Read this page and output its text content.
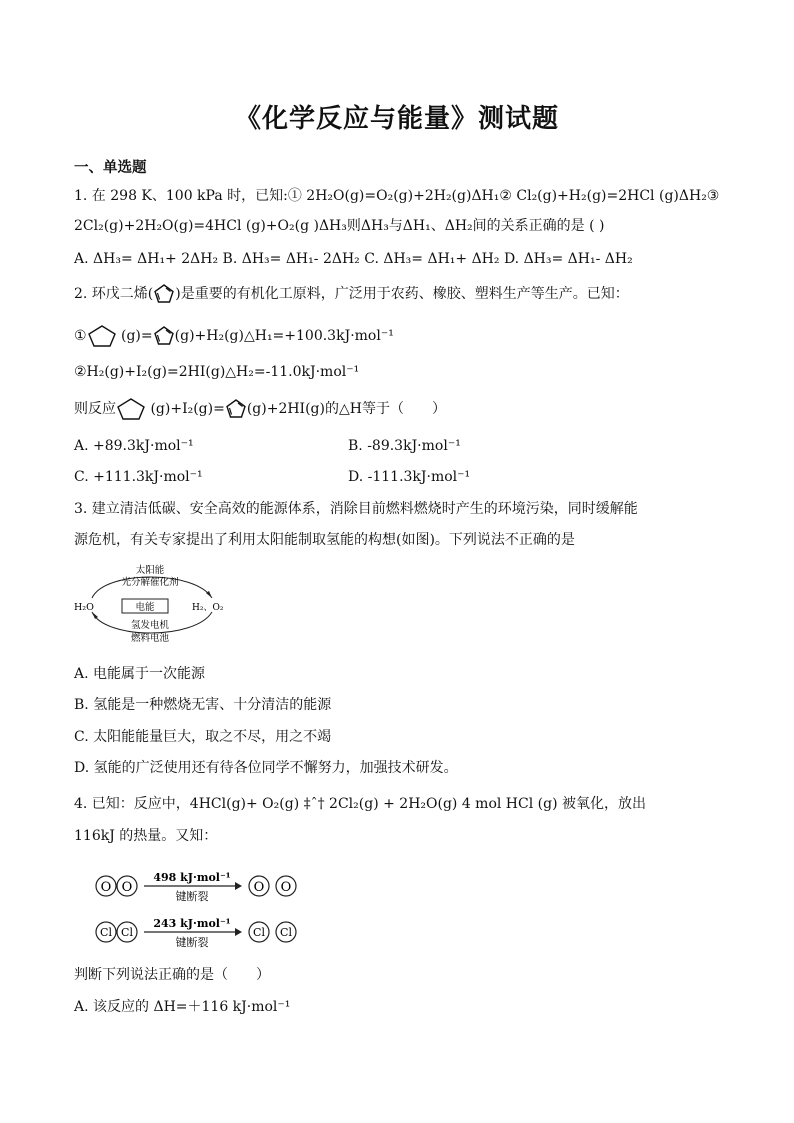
《化学反应与能量》测试题
一、单选题
1. 在 298 K、100 kPa 时，已知:① 2H₂O(g)=O₂(g)+2H₂(g)ΔH₁② Cl₂(g)+H₂(g)=2HCl (g)ΔH₂③
2Cl₂(g)+2H₂O(g)=4HCl (g)+O₂(g )ΔH₃则ΔH₃与ΔH₁、ΔH₂间的关系正确的是 ( )
A. ΔH₃= ΔH₁+ 2ΔH₂ B. ΔH₃= ΔH₁- 2ΔH₂ C. ΔH₃= ΔH₁+ ΔH₂ D. ΔH₃= ΔH₁- ΔH₂
2. 环戊二烯( )是重要的有机化工原料，广泛用于农药、橡胶、塑料生产等生产。已知：
① (g)= (g)+H₂(g)△H₁=+100.3kJ·mol⁻¹
②H₂(g)+I₂(g)=2HI(g)△H₂=-11.0kJ·mol⁻¹
则反应 (g)+I₂(g)= (g)+2HI(g)的△H等于（　　）
A. +89.3kJ·mol⁻¹	B. -89.3kJ·mol⁻¹
C. +111.3kJ·mol⁻¹	D. -111.3kJ·mol⁻¹
3. 建立清洁低碳、安全高效的能源体系，消除目前燃料燃烧时产生的环境污染，同时缓解能
源危机，有关专家提出了利用太阳能制取氢能的构想(如图)。下列说法不正确的是
太阳能
光分解催化剂
H₂O	电能	H₂、O₂
氢发电机
燃料电池
A. 电能属于一次能源
B. 氢能是一种燃烧无害、十分清洁的能源
C. 太阳能能量巨大，取之不尽，用之不竭
D. 氢能的广泛使用还有待各位同学不懈努力，加强技术研发。
4. 已知：反应中，4HCl(g)+ O₂(g) ‡ˆ† 2Cl₂(g) + 2H₂O(g) 4 mol HCl (g) 被氧化，放出
116kJ 的热量。又知：
O O
498 kJ·mol⁻¹
键断裂
O O
Cl Cl
243 kJ·mol⁻¹
键断裂
Cl Cl
判断下列说法正确的是（　　）
A. 该反应的 ΔH=＋116 kJ·mol⁻¹
